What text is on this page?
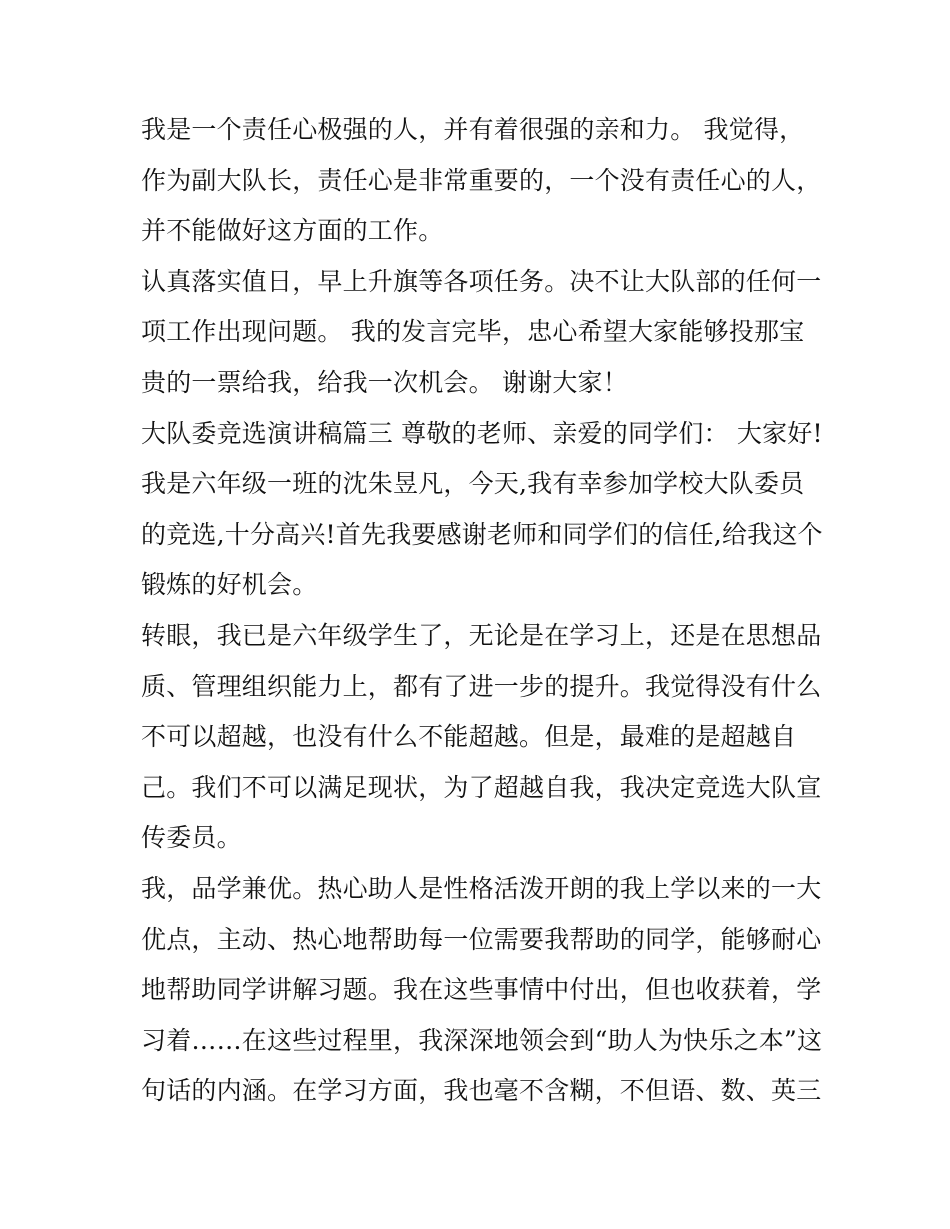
我是一个责任心极强的人，并有着很强的亲和力。 我觉得，
作为副大队长，责任心是非常重要的，一个没有责任心的人，
并不能做好这方面的工作。
认真落实值日，早上升旗等各项任务。决不让大队部的任何一
项工作出现问题。 我的发言完毕，忠心希望大家能够投那宝
贵的一票给我，给我一次机会。 谢谢大家！
大队委竞选演讲稿篇三 尊敬的老师、亲爱的同学们： 大家好!
我是六年级一班的沈朱昱凡，今天,我有幸参加学校大队委员
的竞选,十分高兴!首先我要感谢老师和同学们的信任,给我这个
锻炼的好机会。
转眼，我已是六年级学生了，无论是在学习上，还是在思想品
质、管理组织能力上，都有了进一步的提升。我觉得没有什么
不可以超越，也没有什么不能超越。但是，最难的是超越自
己。我们不可以满足现状，为了超越自我，我决定竞选大队宣
传委员。
我，品学兼优。热心助人是性格活泼开朗的我上学以来的一大
优点，主动、热心地帮助每一位需要我帮助的同学，能够耐心
地帮助同学讲解习题。我在这些事情中付出，但也收获着，学
习着……在这些过程里，我深深地领会到“助人为快乐之本”这
句话的内涵。在学习方面，我也毫不含糊，不但语、数、英三
